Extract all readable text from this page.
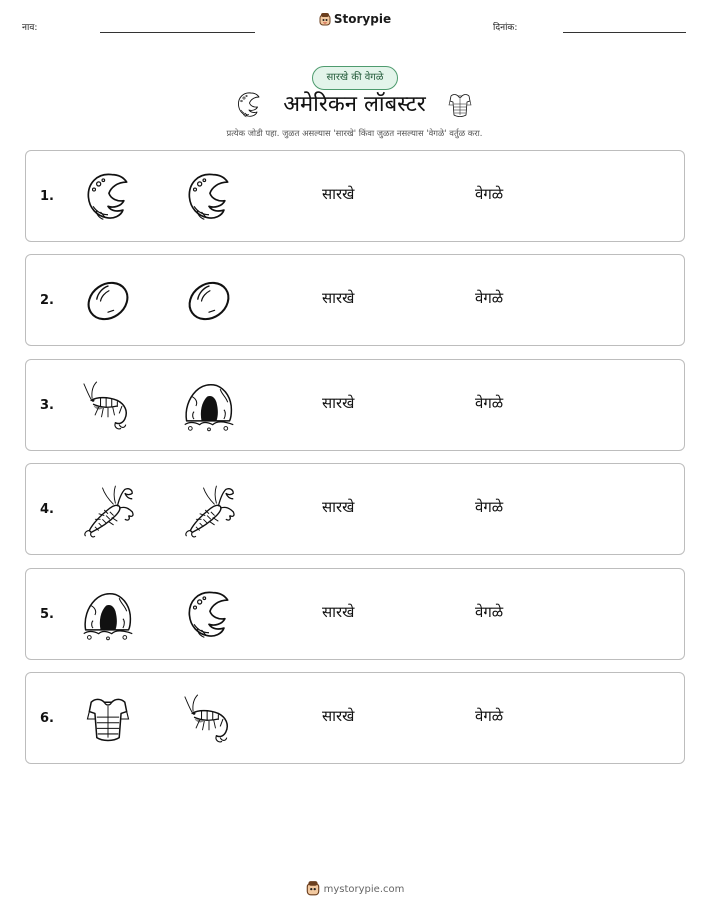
नाव:
Storypie
दिनांक:
सारखे की वेगळे
अमेरिकन लॉबस्टर
प्रत्येक जोडी पहा. जुळत असल्यास 'सारखे' किंवा जुळत नसल्यास 'वेगळे' वर्तुळ करा.
1.	सारखे	वेगळे
2.	सारखे	वेगळे
3.	सारखे	वेगळे
4.	सारखे	वेगळे
5.	सारखे	वेगळे
6.	सारखे	वेगळे
mystorypie.com
